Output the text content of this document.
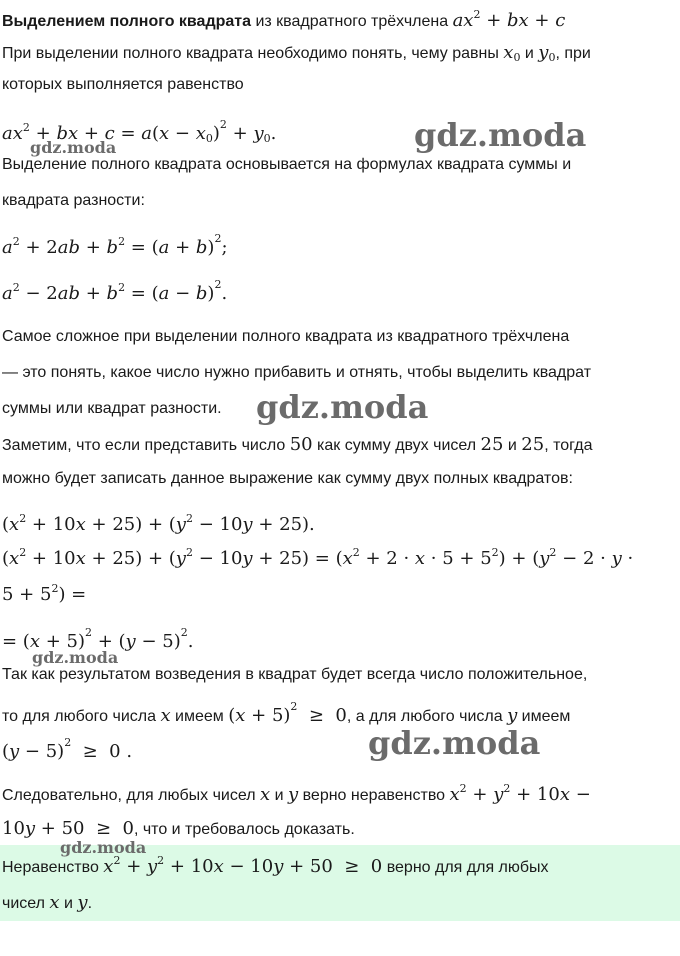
Выделением полного квадрата из квадратного трёхчлена $ax^2$ + bx + c
При выделении полного квадрата необходимо понять, чему равны $x_0$ и $y_0$, при
которых выполняется равенство
$ax^2$ + bx + $c = a(x - x_0)^2 + y_0$.
Выделение полного квадрата основывается на формулах квадрата суммы и
квадрата разности:
$a^2 + 2ab + b^2 = (a + b)^2$;
$a^2 - 2ab + b^2 = (a - b)^2$.
Самое сложное при выделении полного квадрата из квадратного трёхчлена
— это понять, какое число нужно прибавить и отнять, чтобы выделить квадрат
суммы или квадрат разности.
Заметим, что если представить число 50 как сумму двух чисел 25 и 25, тогда
можно будет записать данное выражение как сумму двух полных квадратов:
$(x^2 + 10x + 25) + (y^2 - 10y + 25)$.
$(x^2 + 10x + 25) + (y^2 - 10y + 25) = (x^2 + 2 \cdot x \cdot 5 + 5^2) + (y^2 - 2 \cdot y$ ·
$5 + 5^2$) =
= $(x + 5)^2 + (y - 5)^2$.
Так как результатом возведения в квадрат будет всегда число положительное,
то для любого числа x имеем $(x + 5)^2 \ge 0$, а для любого числа y имеем
$(y - 5)^2 \ge 0$ .
Следовательно, для любых чисел x и y верно неравенство $x^2 + y^2 + 10x$ −
10y + 50  ≥  0, что и требовалось доказать.
Неравенство $x^2 + y^2 + 10x - 10y + 50 \ge 0$ верно для для любых
чисел x и y.
gdz.moda
gdz.moda
gdz.moda
gdz.moda
gdz.moda
gdz.moda
